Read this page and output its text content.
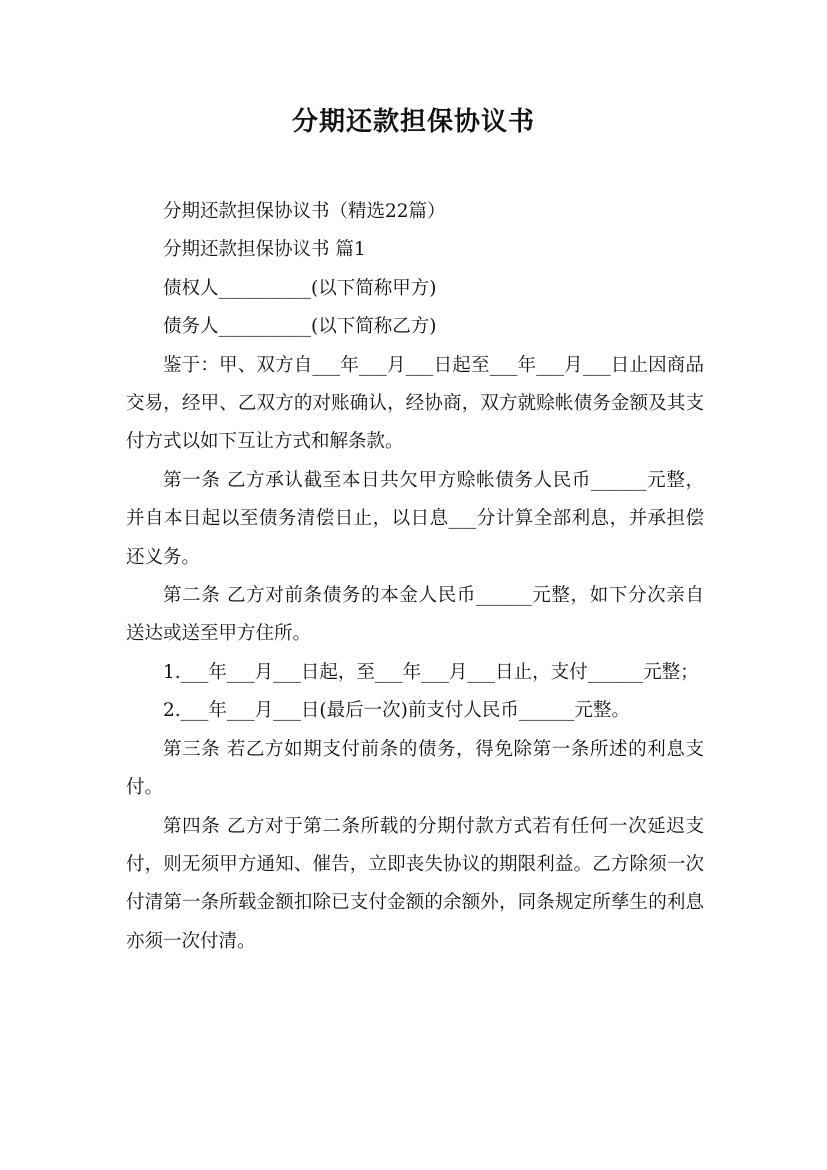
分期还款担保协议书

分期还款担保协议书（精选22篇）

分期还款担保协议书 篇1

债权人__________(以下简称甲方)

债务人__________(以下简称乙方)

鉴于：甲、双方自___年___月___日起至___年___月___日止因商品交易，经甲、乙双方的对账确认，经协商，双方就赊帐债务金额及其支付方式以如下互让方式和解条款。

第一条 乙方承认截至本日共欠甲方赊帐债务人民币______元整，并自本日起以至债务清偿日止，以日息___分计算全部利息，并承担偿还义务。

第二条 乙方对前条债务的本金人民币______元整，如下分次亲自送达或送至甲方住所。

1.___年___月___日起，至___年___月___日止，支付______元整；

2.___年___月___日(最后一次)前支付人民币______元整。

第三条 若乙方如期支付前条的债务，得免除第一条所述的利息支付。

第四条 乙方对于第二条所载的分期付款方式若有任何一次延迟支付，则无须甲方通知、催告，立即丧失协议的期限利益。乙方除须一次付清第一条所载金额扣除已支付金额的余额外，同条规定所孳生的利息亦须一次付清。
